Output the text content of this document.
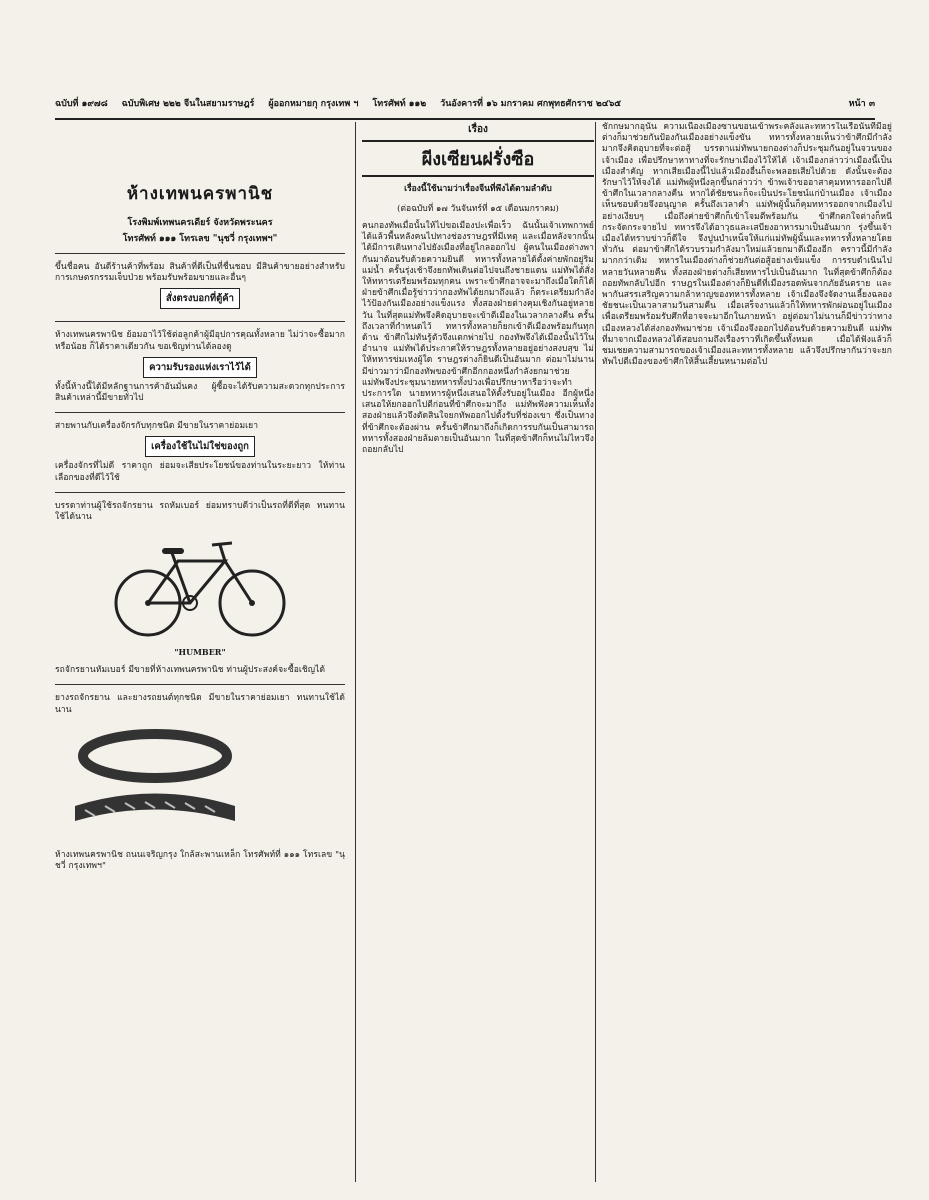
ฉบับที่ ๑๙๗๘ ฉบับพิเศษ ๒๒๒ จีนในสยามราษฎร์ ผู้ออกหมายกุ กรุงเทพ ฯ โทรศัพท์ ๑๑๒ วันอังคารที่ ๑๖ มกราคม ศกพุทธศักราช ๒๔๖๕	หน้า ๓
ห้างเทพนครพานิช
โรงพิมพ์เทพนครเดียร์ จังหวัดพระนคร
โทรศัพท์ ๑๑๑ โทรเลข "นุชวี่ กรุงเทพฯ"
ขึ้นชื่อคน อันดีร้านค้าที่พร้อม สินค้าที่ดีเป็นที่ชื่นชอบ มีสินค้าขายอย่างสำหรับการเกษตรกรรมเจ็บป่วย พร้อมรับพร้อมขายและอื่นๆ
สั่งตรงบอกที่ตู้ค้า
ห้างเทพนครพานิช ย้อมอาไว้ใช้ต่อลูกค้าผู้มีอุปการคุณทั้งหลาย ไม่ว่าจะซื้อมาก หรือน้อย ก็ได้ราคาเดียวกัน ขอเชิญท่านได้ลองดู
ความรับรองแห่งเราไว้ได้
ทั้งนี้ห้างนี้ได้มีหลักฐานการค้าอันมั่นคง ผู้ซื้อจะได้รับความสะดวกทุกประการ สินค้าเหล่านี้มีขายทั่วไป
สายพานกับเครื่องจักรกับทุกชนิด มีขายในราคาย่อมเยา
เครื่องใช้ในไม่ใช่ของถูก
เครื่องจักรที่ไม่ดี ราคาถูก ย่อมจะเสียประโยชน์ของท่านในระยะยาว ให้ท่านเลือกของที่ดีไว้ใช้
บรรดาท่านผู้ใช้รถจักรยาน รถหัมเบอร์ ย่อมทราบดีว่าเป็นรถที่ดีที่สุด ทนทานใช้ได้นาน
"HUMBER"
รถจักรยานหัมเบอร์ มีขายที่ห้างเทพนครพานิช ท่านผู้ประสงค์จะซื้อเชิญได้
ยางรถจักรยาน และยางรถยนต์ทุกชนิด มีขายในราคาย่อมเยา ทนทานใช้ได้นาน
ห้างเทพนครพานิช ถนนเจริญกรุง ใกล้สะพานเหล็ก โทรศัพท์ที่ ๑๑๑ โทรเลข "นุชวี่ กรุงเทพฯ"
เรื่อง
ผีงเซียนฝรั่งซือ
เรื่องนี้ใช้นามว่าเรื่องจีนที่พึงได้ตามลำดับ
(ต่อฉบับที่ ๑๗ วันจันทร์ที่ ๑๕ เดือนมกราคม)
คนกองทัพเมื่อนั้นให้ไปขอเมืองปะเพื่อเร็ว ฉันนั้นเจ้าเทพกาพย์ได้แล้วพื้นหลังคนไปทางช่องราษฎรที่มีเหตุ และเมื่อหลังจากนั้นได้มีการเดินทางไปยังเมืองที่อยู่ไกลออกไป ผู้คนในเมืองต่างพากันมาต้อนรับด้วยความยินดี ทหารทั้งหลายได้ตั้งค่ายพักอยู่ริมแม่น้ำ ครั้นรุ่งเช้าจึงยกทัพเดินต่อไปจนถึงชายแดน แม่ทัพได้สั่งให้ทหารเตรียมพร้อมทุกคน เพราะข้าศึกอาจจะมาถึงเมื่อใดก็ได้ ฝ่ายข้าศึกเมื่อรู้ข่าวว่ากองทัพได้ยกมาถึงแล้ว ก็ตระเตรียมกำลังไว้ป้องกันเมืองอย่างแข็งแรง ทั้งสองฝ่ายต่างคุมเชิงกันอยู่หลายวัน ในที่สุดแม่ทัพจึงคิดอุบายจะเข้าตีเมืองในเวลากลางคืน ครั้นถึงเวลาที่กำหนดไว้ ทหารทั้งหลายก็ยกเข้าตีเมืองพร้อมกันทุกด้าน ข้าศึกไม่ทันรู้ตัวจึงแตกพ่ายไป กองทัพจึงได้เมืองนั้นไว้ในอำนาจ แม่ทัพได้ประกาศให้ราษฎรทั้งหลายอยู่อย่างสงบสุข ไม่ให้ทหารข่มเหงผู้ใด ราษฎรต่างก็ยินดีเป็นอันมาก ต่อมาไม่นานมีข่าวมาว่ามีกองทัพของข้าศึกอีกกองหนึ่งกำลังยกมาช่วย แม่ทัพจึงประชุมนายทหารทั้งปวงเพื่อปรึกษาหารือว่าจะทำประการใด นายทหารผู้หนึ่งเสนอให้ตั้งรับอยู่ในเมือง อีกผู้หนึ่งเสนอให้ยกออกไปตีก่อนที่ข้าศึกจะมาถึง แม่ทัพฟังความเห็นทั้งสองฝ่ายแล้วจึงตัดสินใจยกทัพออกไปตั้งรับที่ช่องเขา ซึ่งเป็นทางที่ข้าศึกจะต้องผ่าน ครั้นข้าศึกมาถึงก็เกิดการรบกันเป็นสามารถ ทหารทั้งสองฝ่ายล้มตายเป็นอันมาก ในที่สุดข้าศึกก็ทนไม่ไหวจึงถอยกลับไป
ชักกษมากอุนั้น ความเนื้องเมืองซานขอนเข้าพระคลังและทหารในเรือนั้นที่มีอยู่ต่างก็มาช่วยกันป้องกันเมืองอย่างแข็งขัน ทหารทั้งหลายเห็นว่าข้าศึกมีกำลังมากจึงคิดอุบายที่จะต่อสู้ บรรดาแม่ทัพนายกองต่างก็ประชุมกันอยู่ในจวนของเจ้าเมือง เพื่อปรึกษาหาทางที่จะรักษาเมืองไว้ให้ได้ เจ้าเมืองกล่าวว่าเมืองนี้เป็นเมืองสำคัญ หากเสียเมืองนี้ไปแล้วเมืองอื่นก็จะพลอยเสียไปด้วย ดังนั้นจะต้องรักษาไว้ให้จงได้ แม่ทัพผู้หนึ่งลุกขึ้นกล่าวว่า ข้าพเจ้าขออาสาคุมทหารออกไปตีข้าศึกในเวลากลางคืน หากได้ชัยชนะก็จะเป็นประโยชน์แก่บ้านเมือง เจ้าเมืองเห็นชอบด้วยจึงอนุญาต ครั้นถึงเวลาค่ำ แม่ทัพผู้นั้นก็คุมทหารออกจากเมืองไปอย่างเงียบๆ เมื่อถึงค่ายข้าศึกก็เข้าโจมตีพร้อมกัน ข้าศึกตกใจต่างก็หนีกระจัดกระจายไป ทหารจึงได้อาวุธและเสบียงอาหารมาเป็นอันมาก รุ่งขึ้นเจ้าเมืองได้ทราบข่าวก็ดีใจ จึงปูนบำเหน็จให้แก่แม่ทัพผู้นั้นและทหารทั้งหลายโดยทั่วกัน ต่อมาข้าศึกได้รวบรวมกำลังมาใหม่แล้วยกมาตีเมืองอีก คราวนี้มีกำลังมากกว่าเดิม ทหารในเมืองต่างก็ช่วยกันต่อสู้อย่างเข้มแข็ง การรบดำเนินไปหลายวันหลายคืน ทั้งสองฝ่ายต่างก็เสียทหารไปเป็นอันมาก ในที่สุดข้าศึกก็ต้องถอยทัพกลับไปอีก ราษฎรในเมืองต่างก็ยินดีที่เมืองรอดพ้นจากภัยอันตราย และพากันสรรเสริญความกล้าหาญของทหารทั้งหลาย เจ้าเมืองจึงจัดงานเลี้ยงฉลองชัยชนะเป็นเวลาสามวันสามคืน เมื่อเสร็จงานแล้วก็ให้ทหารพักผ่อนอยู่ในเมือง เพื่อเตรียมพร้อมรับศึกที่อาจจะมาอีกในภายหน้า อยู่ต่อมาไม่นานก็มีข่าวว่าทางเมืองหลวงได้ส่งกองทัพมาช่วย เจ้าเมืองจึงออกไปต้อนรับด้วยความยินดี แม่ทัพที่มาจากเมืองหลวงได้สอบถามถึงเรื่องราวที่เกิดขึ้นทั้งหมด เมื่อได้ฟังแล้วก็ชมเชยความสามารถของเจ้าเมืองและทหารทั้งหลาย แล้วจึงปรึกษากันว่าจะยกทัพไปตีเมืองของข้าศึกให้สิ้นเสี้ยนหนามต่อไป
